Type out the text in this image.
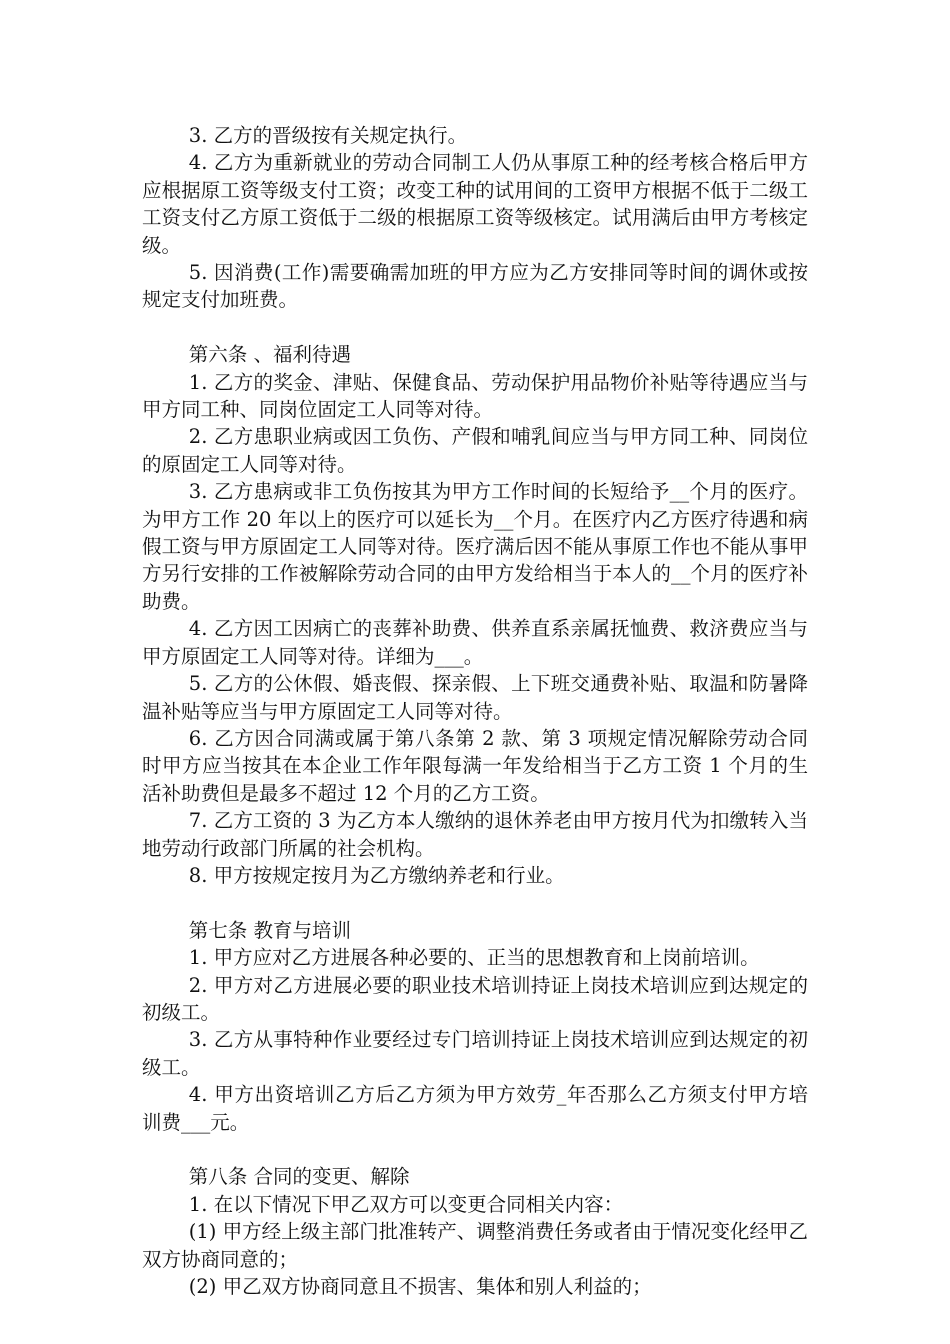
3. 乙方的晋级按有关规定执行。

4. 乙方为重新就业的劳动合同制工人仍从事原工种的经考核合格后甲方应根据原工资等级支付工资；改变工种的试用间的工资甲方根据不低于二级工工资支付乙方原工资低于二级的根据原工资等级核定。试用满后由甲方考核定级。

5. 因消费(工作)需要确需加班的甲方应为乙方安排同等时间的调休或按规定支付加班费。

第六条 、福利待遇

1. 乙方的奖金、津贴、保健食品、劳动保护用品物价补贴等待遇应当与甲方同工种、同岗位固定工人同等对待。

2. 乙方患职业病或因工负伤、产假和哺乳间应当与甲方同工种、同岗位的原固定工人同等对待。

3. 乙方患病或非工负伤按其为甲方工作时间的长短给予__个月的医疗。为甲方工作 20 年以上的医疗可以延长为__个月。在医疗内乙方医疗待遇和病假工资与甲方原固定工人同等对待。医疗满后因不能从事原工作也不能从事甲方另行安排的工作被解除劳动合同的由甲方发给相当于本人的__个月的医疗补助费。

4. 乙方因工因病亡的丧葬补助费、供养直系亲属抚恤费、救济费应当与甲方原固定工人同等对待。详细为___。

5. 乙方的公休假、婚丧假、探亲假、上下班交通费补贴、取温和防暑降温补贴等应当与甲方原固定工人同等对待。

6. 乙方因合同满或属于第八条第 2 款、第 3 项规定情况解除劳动合同时甲方应当按其在本企业工作年限每满一年发给相当于乙方工资 1 个月的生活补助费但是最多不超过 12 个月的乙方工资。

7. 乙方工资的 3 为乙方本人缴纳的退休养老由甲方按月代为扣缴转入当地劳动行政部门所属的社会机构。

8. 甲方按规定按月为乙方缴纳养老和行业。

第七条 教育与培训

1. 甲方应对乙方进展各种必要的、正当的思想教育和上岗前培训。

2. 甲方对乙方进展必要的职业技术培训持证上岗技术培训应到达规定的初级工。

3. 乙方从事特种作业要经过专门培训持证上岗技术培训应到达规定的初级工。

4. 甲方出资培训乙方后乙方须为甲方效劳_年否那么乙方须支付甲方培训费___元。

第八条 合同的变更、解除

1. 在以下情况下甲乙双方可以变更合同相关内容：

(1) 甲方经上级主部门批准转产、调整消费任务或者由于情况变化经甲乙双方协商同意的；

(2) 甲乙双方协商同意且不损害、集体和别人利益的；
